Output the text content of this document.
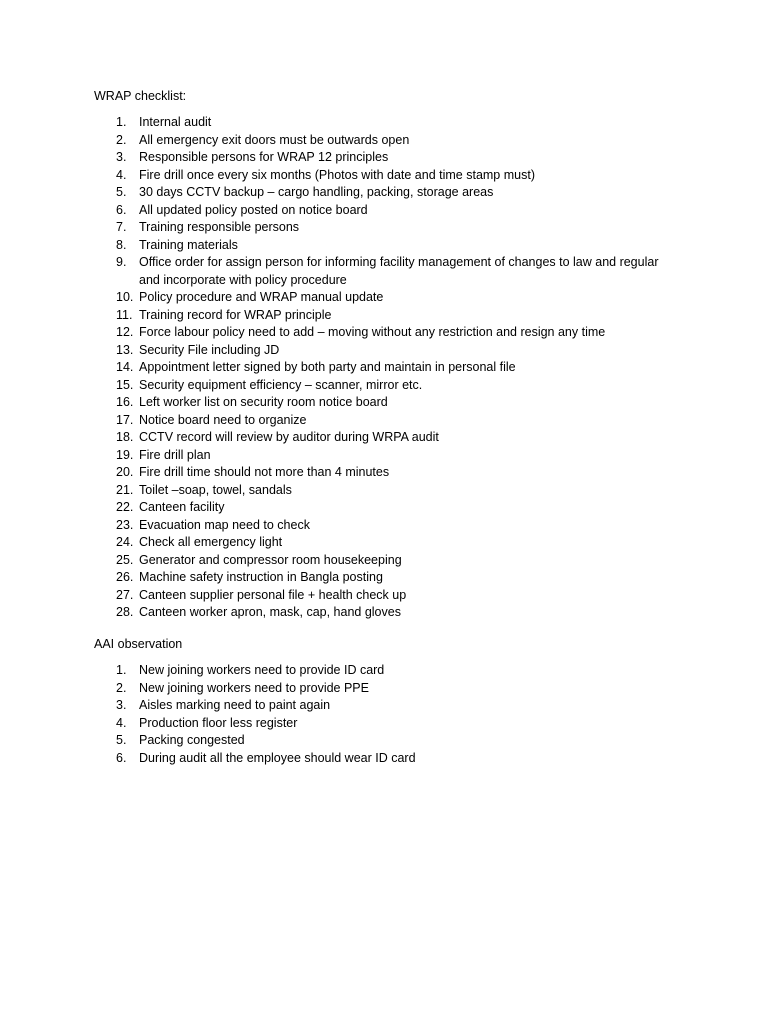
WRAP checklist:
1.	Internal audit
2.	All emergency exit doors must be outwards open
3.	Responsible persons for WRAP 12 principles
4.	Fire drill once every six months (Photos with date and time stamp must)
5.	30 days CCTV backup – cargo handling, packing, storage areas
6.	All updated policy posted on notice board
7.	Training responsible persons
8.	Training materials
9.	Office order for assign person for informing facility management of changes to law and regular and incorporate with policy procedure
10. Policy procedure and WRAP manual update
11. Training record for WRAP principle
12. Force labour policy need to add – moving without any restriction and resign any time
13. Security File including JD
14. Appointment letter signed by both party and maintain in personal file
15. Security equipment efficiency – scanner, mirror etc.
16. Left worker list on security room notice board
17. Notice board need to organize
18. CCTV record will review by auditor during WRPA audit
19. Fire drill plan
20. Fire drill time should not more than 4 minutes
21. Toilet –soap, towel, sandals
22. Canteen facility
23. Evacuation map need to check
24. Check all emergency light
25. Generator and compressor room housekeeping
26. Machine safety instruction in Bangla posting
27. Canteen supplier personal file + health check up
28. Canteen worker apron, mask, cap, hand gloves
AAI observation
1.	New joining workers need to provide ID card
2.	New joining workers need to provide PPE
3.	Aisles marking need to paint again
4.	Production floor less register
5.	Packing congested
6.	During audit all the employee should wear ID card
